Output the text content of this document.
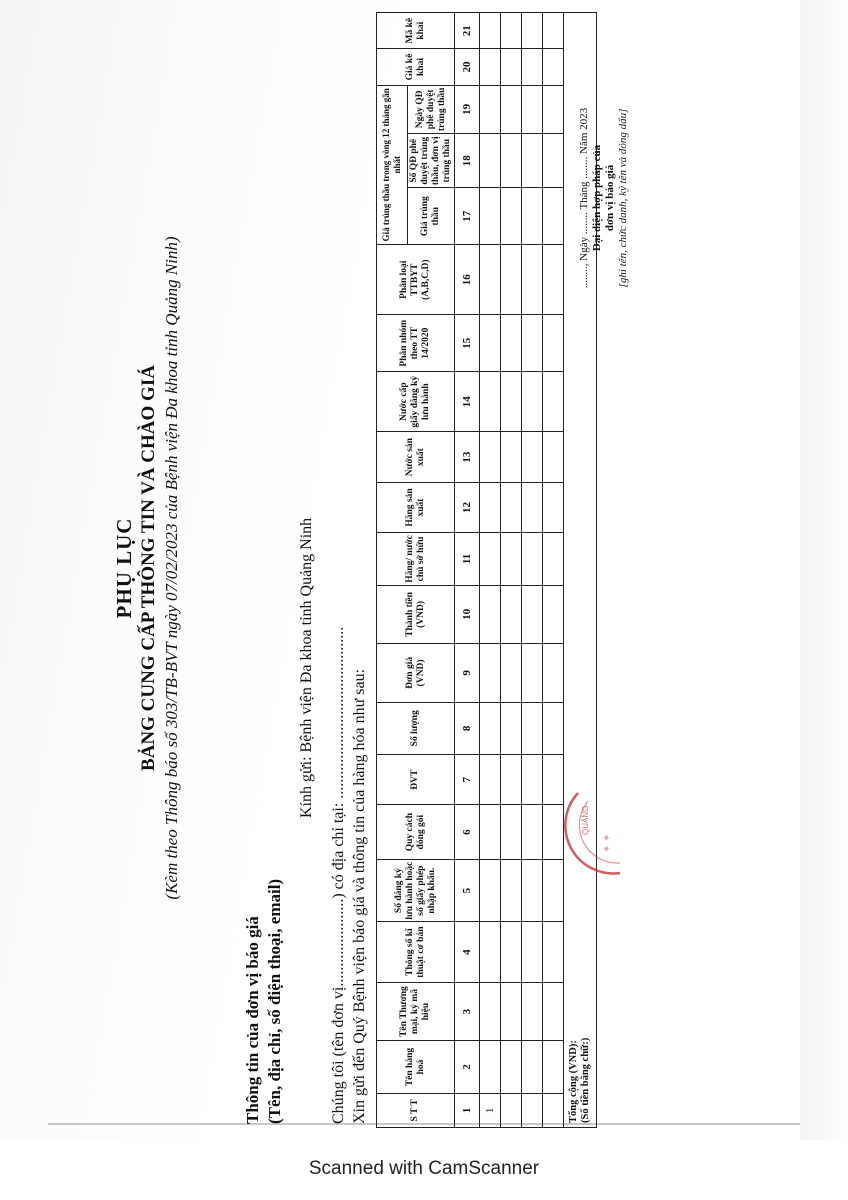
PHỤ LỤC BẢNG CUNG CẤP THÔNG TIN VÀ CHÀO GIÁ (Kèm theo Thông báo số 303/TB-BVT ngày 07/02/2023 của Bệnh viện Đa khoa tỉnh Quảng Ninh)
Thông tin của đơn vị báo giá (Tên, địa chỉ, số điện thoại, email)
Kính gửi: Bệnh viện Đa khoa tỉnh Quảng Ninh Chúng tôi (tên đơn vị......................) có địa chỉ tại: ........................................... Xin gửi đến Quý Bệnh viện báo giá và thông tin của hàng hóa như sau:	S T T	Tên hàng hoá	Tên Thương mại, ký mã hiệu	Thông số kĩ thuật cơ bản	Số đăng ký lưu hành hoặc số giấy phép nhập khẩu.	Quy cách đóng gói	ĐVT	Số lượng	Đơn giá (VND)	Thành tiền (VND)	Hãng/ nước chủ sở hữu	Hãng sản xuất	Nước sản xuất	Nước cấp giấy đăng ký lưu hành	Phân nhóm theo TT 14/2020	Phân loại TTBYT (A,B,C,D)	Giá trúng thầu trong vòng 12 tháng gần nhất			Giá kê khai	Mã kê khai
																Giá trúng thầu	Số QĐ phê duyệt trúng thầu, đơn vị trúng thầu	Ngày QĐ phê duyệt trúng thầu		
1	2	3	4	5	6	7	8	9	10	11	12	13	14	15	16	17	18	19	20	21
1																				

Tổng cộng (VND): (Số tiền bằng chữ:)																				
QUẢNG
✶ ✶
........, Ngày ........ Tháng ........ Năm 2023 Đại diện hợp pháp của đơn vị báo giá [ghi tên, chức danh, ký tên và đóng dấu]
Scanned with CamScanner
